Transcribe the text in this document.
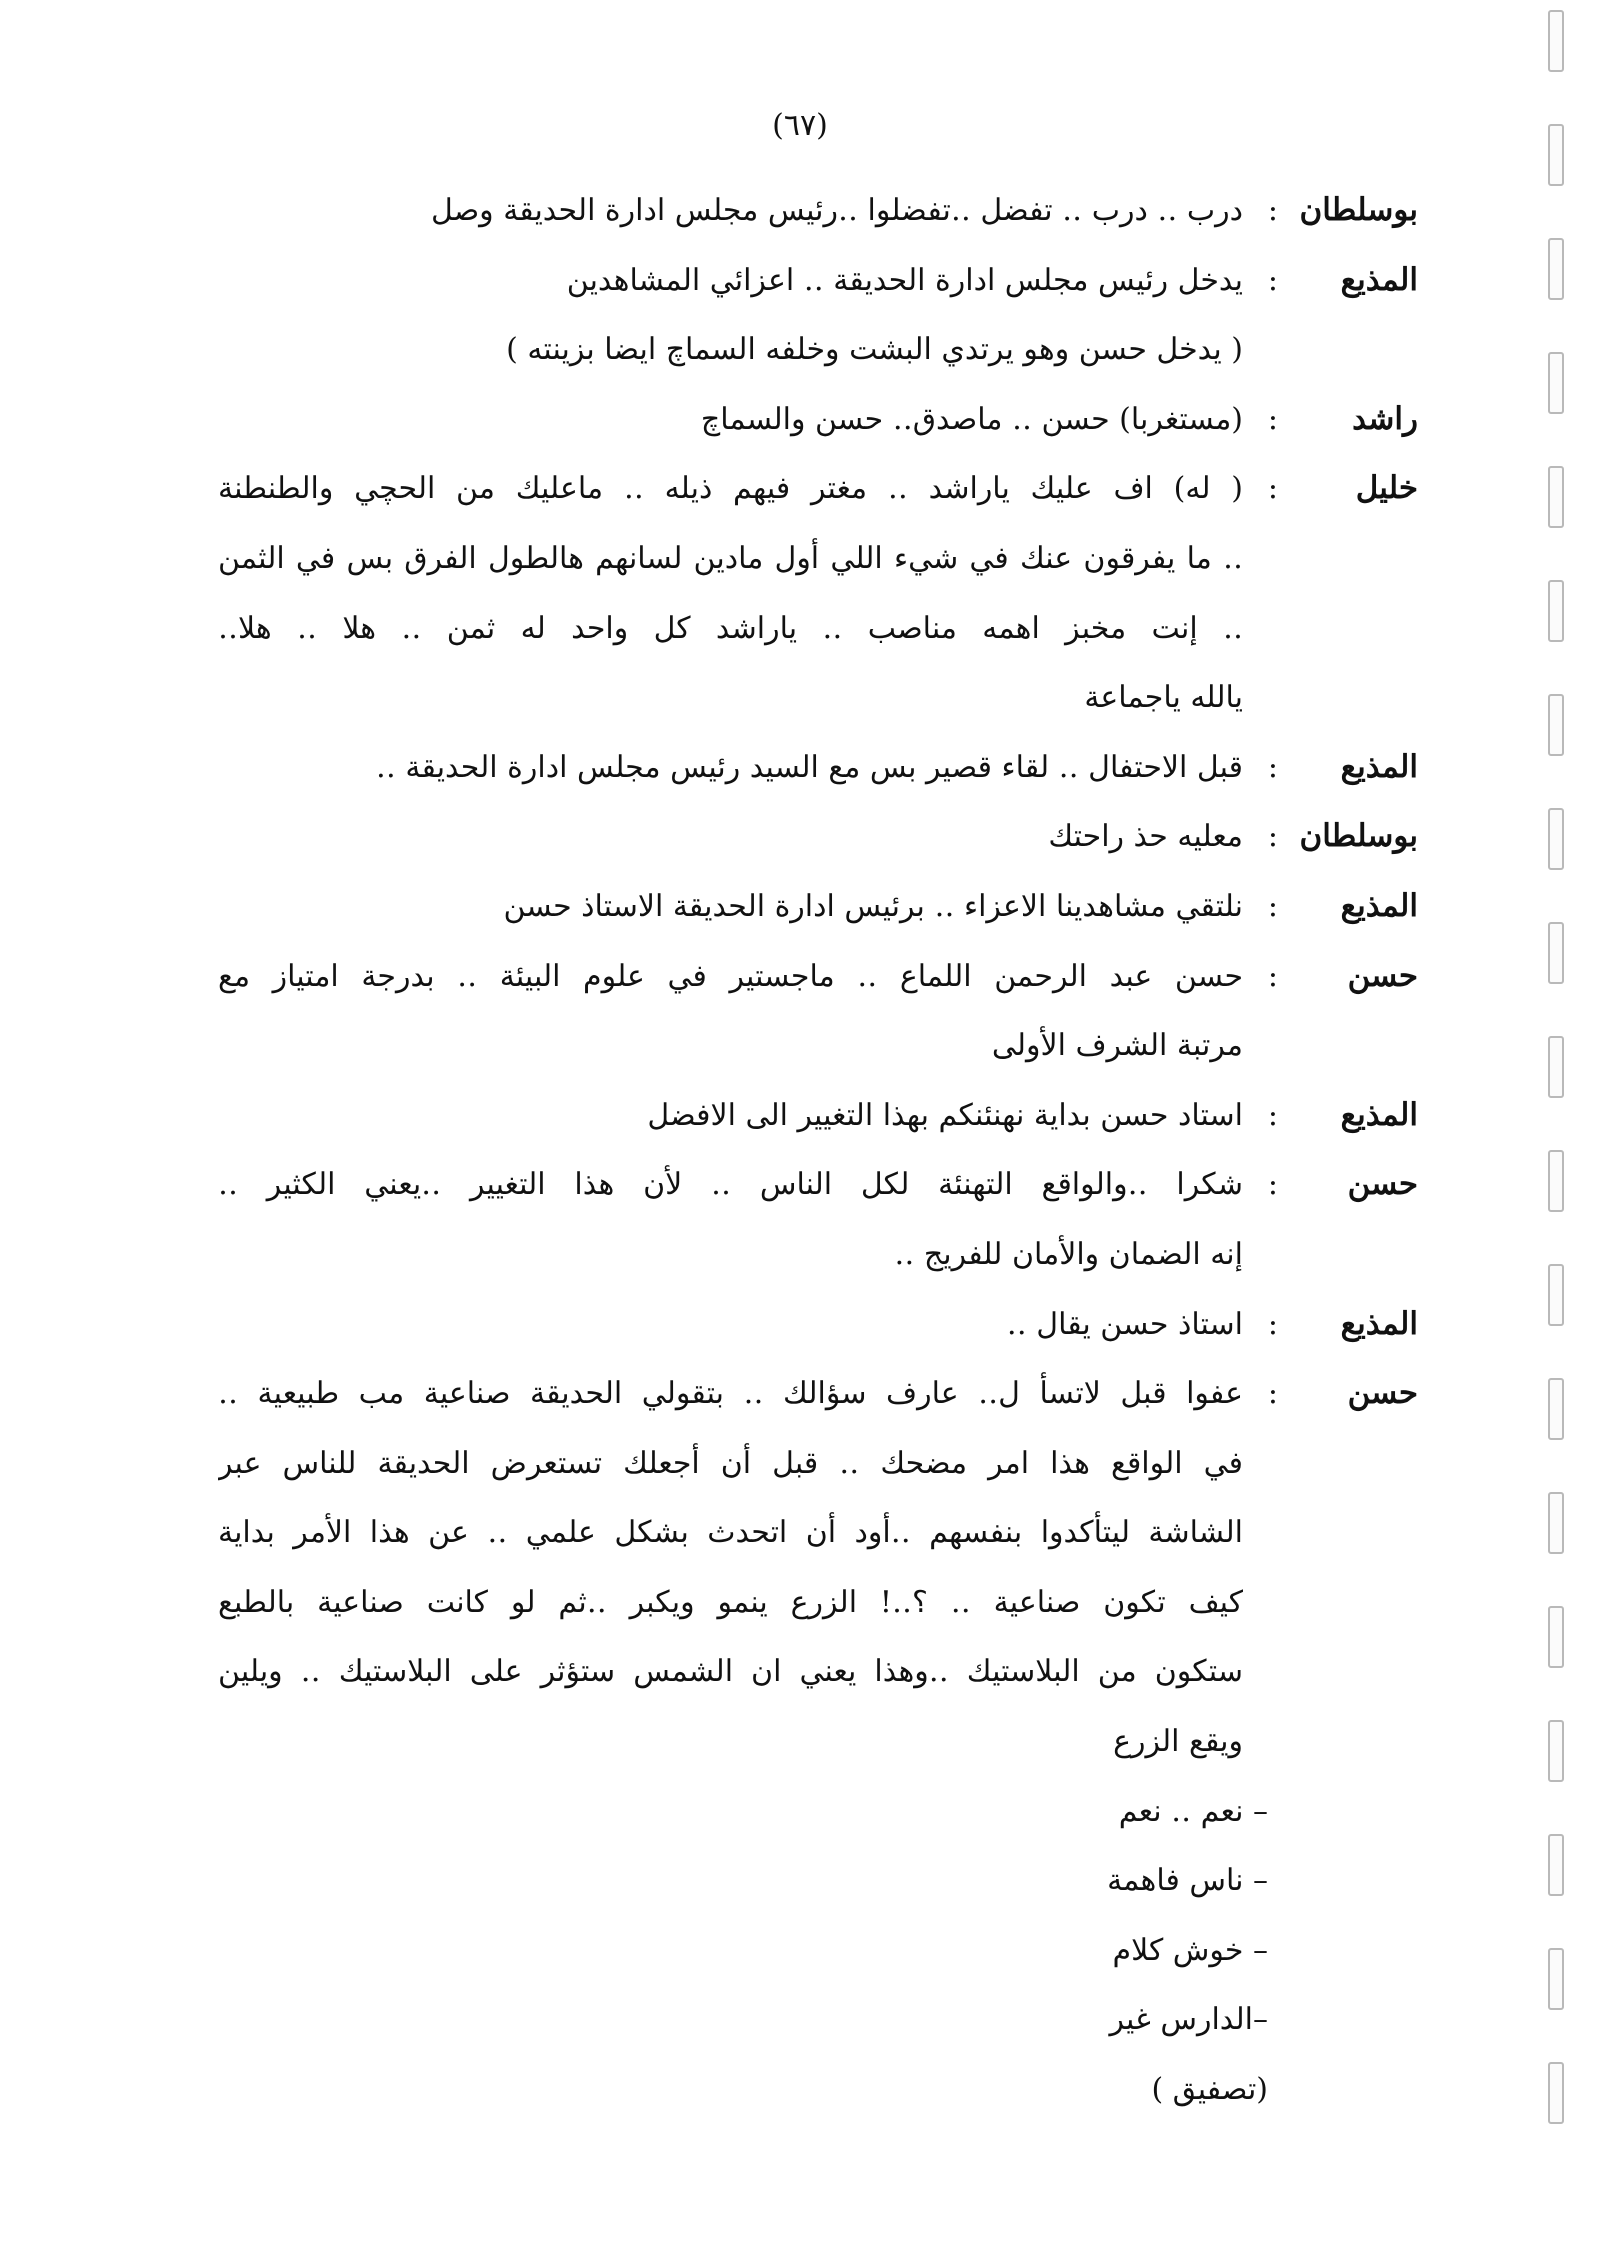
(٦٧)
بوسلطان
:
درب ‥ درب ‥ تفضل ‥تفضلوا ‥رئيس مجلس ادارة الحديقة وصل
المذيع
:
يدخل رئيس مجلس ادارة الحديقة ‥ اعزائي المشاهدين
( يدخل حسن وهو يرتدي البشت وخلفه السماچ ايضا بزينته )
راشد
:
(مستغربا) حسن ‥ ماصدق‥ حسن والسماچ
خليل
:
( له) اف عليك ياراشد ‥ مغتر فيهم ذيله ‥ ماعليك من الحچي والطنطنة
‥ ما يفرقون عنك في شيء اللي أول مادين لسانهم هالطول الفرق بس في الثمن
‥ إنت مخبز اهمه مناصب ‥ ياراشد كل واحد له ثمن ‥ هلا ‥ هلا‥
يالله ياجماعة
المذيع
:
قبل الاحتفال ‥ لقاء قصير بس مع السيد رئيس مجلس ادارة الحديقة ‥
بوسلطان
:
معليه حذ راحتك
المذيع
:
نلتقي مشاهدينا الاعزاء ‥ برئيس ادارة الحديقة الاستاذ حسن
حسن
:
حسن عبد الرحمن اللماع ‥ ماجستير في علوم البيئة ‥ بدرجة امتياز مع
مرتبة الشرف الأولى
المذيع
:
استاد حسن بداية نهنئنكم بهذا التغيير الى الافضل
حسن
:
شكرا ‥والواقع التهنئة لكل الناس ‥ لأن هذا التغيير ‥يعني الكثير ‥
إنه الضمان والأمان للفريج ‥
المذيع
:
استاذ حسن يقال ‥
حسن
:
عفوا قبل لاتسأ ل‥ عارف سؤالك ‥ بتقولي الحديقة صناعية مب طبيعية ‥
في الواقع هذا امر مضحك ‥ قبل أن أجعلك تستعرض الحديقة للناس عبر
الشاشة ليتأكدوا بنفسهم ‥أود أن اتحدث بشكل علمي ‥ عن هذا الأمر بداية
كيف تكون صناعية ‥ ؟‥! الزرع ينمو ويكبر ‥ثم لو كانت صناعية بالطبع
ستكون من البلاستيك ‥وهذا يعني ان الشمس ستؤثر على البلاستيك ‥ ويلين
ويقع الزرع
– نعم ‥ نعم
– ناس فاهمة
– خوش كلام
–الدارس غير
(تصفيق )
